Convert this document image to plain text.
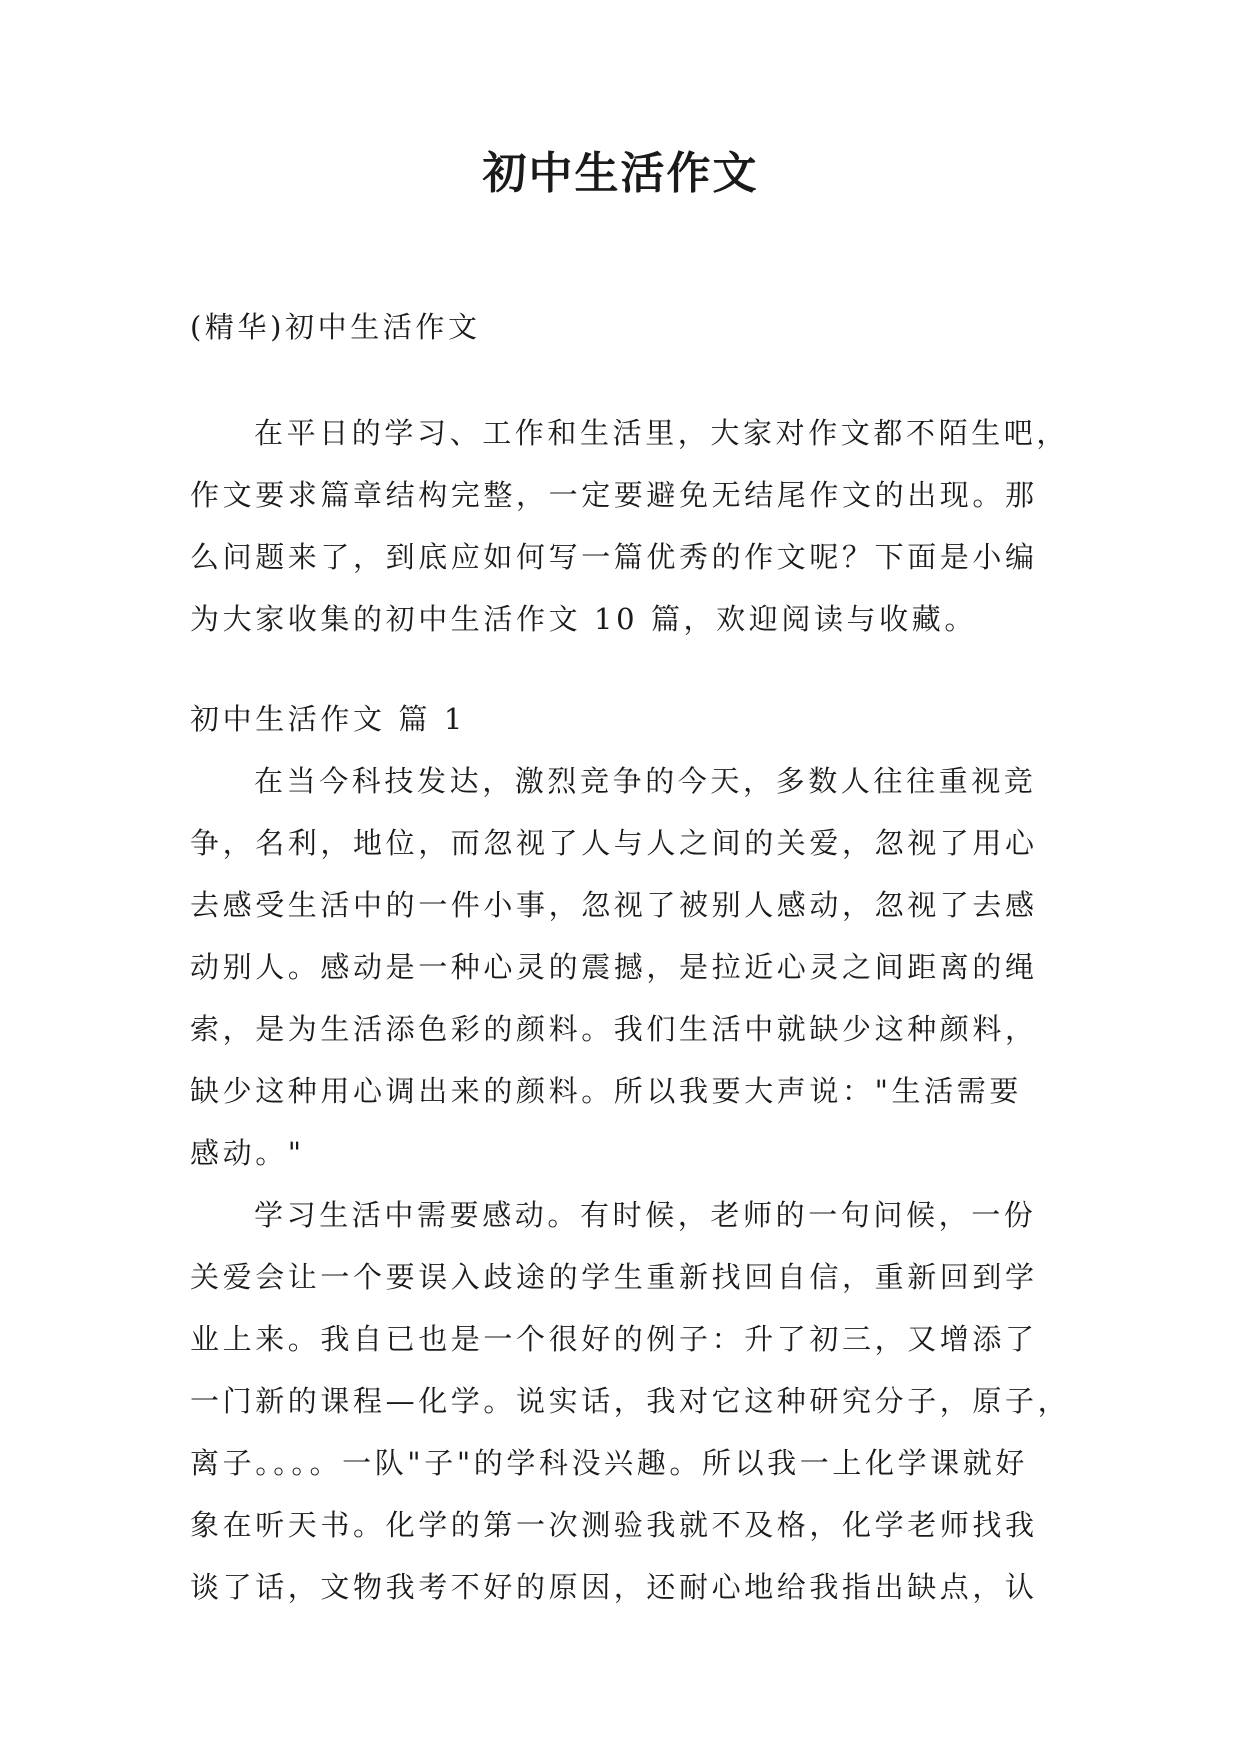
初中生活作文

(精华)初中生活作文

在平日的学习、工作和生活里，大家对作文都不陌生吧，

作文要求篇章结构完整，一定要避免无结尾作文的出现。那

么问题来了，到底应如何写一篇优秀的作文呢？下面是小编

为大家收集的初中生活作文 10 篇，欢迎阅读与收藏。

初中生活作文 篇 1

在当今科技发达，激烈竞争的今天，多数人往往重视竞

争，名利，地位，而忽视了人与人之间的关爱，忽视了用心

去感受生活中的一件小事，忽视了被别人感动，忽视了去感

动别人。感动是一种心灵的震撼，是拉近心灵之间距离的绳

索，是为生活添色彩的颜料。我们生活中就缺少这种颜料，

缺少这种用心调出来的颜料。所以我要大声说："生活需要

感动。"

学习生活中需要感动。有时候，老师的一句问候，一份

关爱会让一个要误入歧途的学生重新找回自信，重新回到学

业上来。我自已也是一个很好的例子：升了初三，又增添了

一门新的课程—化学。说实话，我对它这种研究分子，原子，

离子。。。。一队"子"的学科没兴趣。所以我一上化学课就好

象在听天书。化学的第一次测验我就不及格，化学老师找我

谈了话，文物我考不好的原因，还耐心地给我指出缺点，认
